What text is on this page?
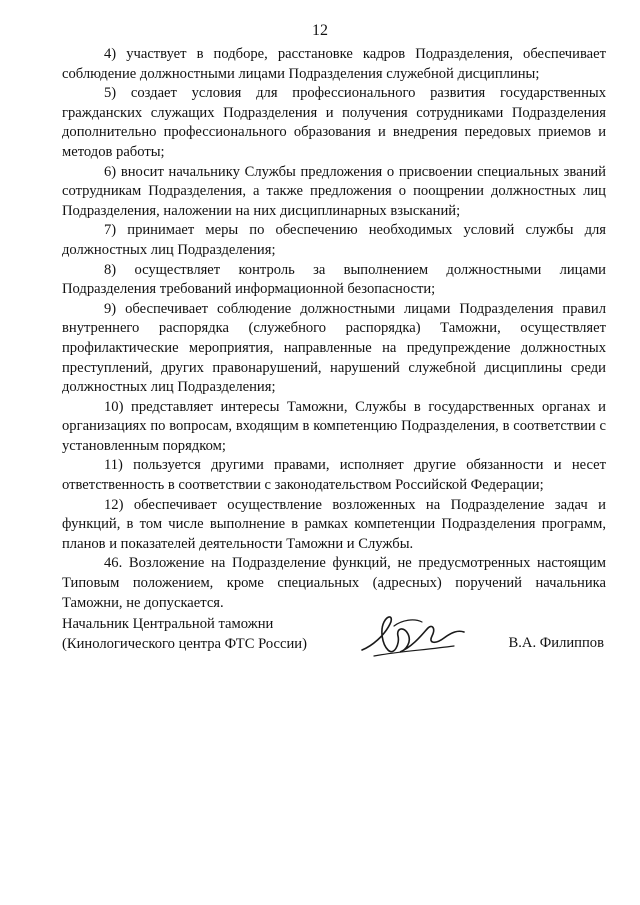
12

4) участвует в подборе, расстановке кадров Подразделения, обеспечивает соблюдение должностными лицами Подразделения служебной дисциплины;

5) создает условия для профессионального развития государственных гражданских служащих Подразделения и получения сотрудниками Подразделения дополнительно профессионального образования и внедрения передовых приемов и методов работы;

6) вносит начальнику Службы предложения о присвоении специальных званий сотрудникам Подразделения, а также предложения о поощрении должностных лиц Подразделения, наложении на них дисциплинарных взысканий;

7) принимает меры по обеспечению необходимых условий службы для должностных лиц Подразделения;

8) осуществляет контроль за выполнением должностными лицами Подразделения требований информационной безопасности;

9) обеспечивает соблюдение должностными лицами Подразделения правил внутреннего распорядка (служебного распорядка) Таможни, осуществляет профилактические мероприятия, направленные на предупреждение должностных преступлений, других правонарушений, нарушений служебной дисциплины среди должностных лиц Подразделения;

10) представляет интересы Таможни, Службы в государственных органах и организациях по вопросам, входящим в компетенцию Подразделения, в соответствии с установленным порядком;

11) пользуется другими правами, исполняет другие обязанности и несет ответственность в соответствии с законодательством Российской Федерации;

12) обеспечивает осуществление возложенных на Подразделение задач и функций, в том числе выполнение в рамках компетенции Подразделения программ, планов и показателей деятельности Таможни и Службы.

46. Возложение на Подразделение функций, не предусмотренных настоящим Типовым положением, кроме специальных (адресных) поручений начальника Таможни, не допускается.

Начальник Центральной таможни
(Кинологического центра ФТС России)	В.А. Филиппов
